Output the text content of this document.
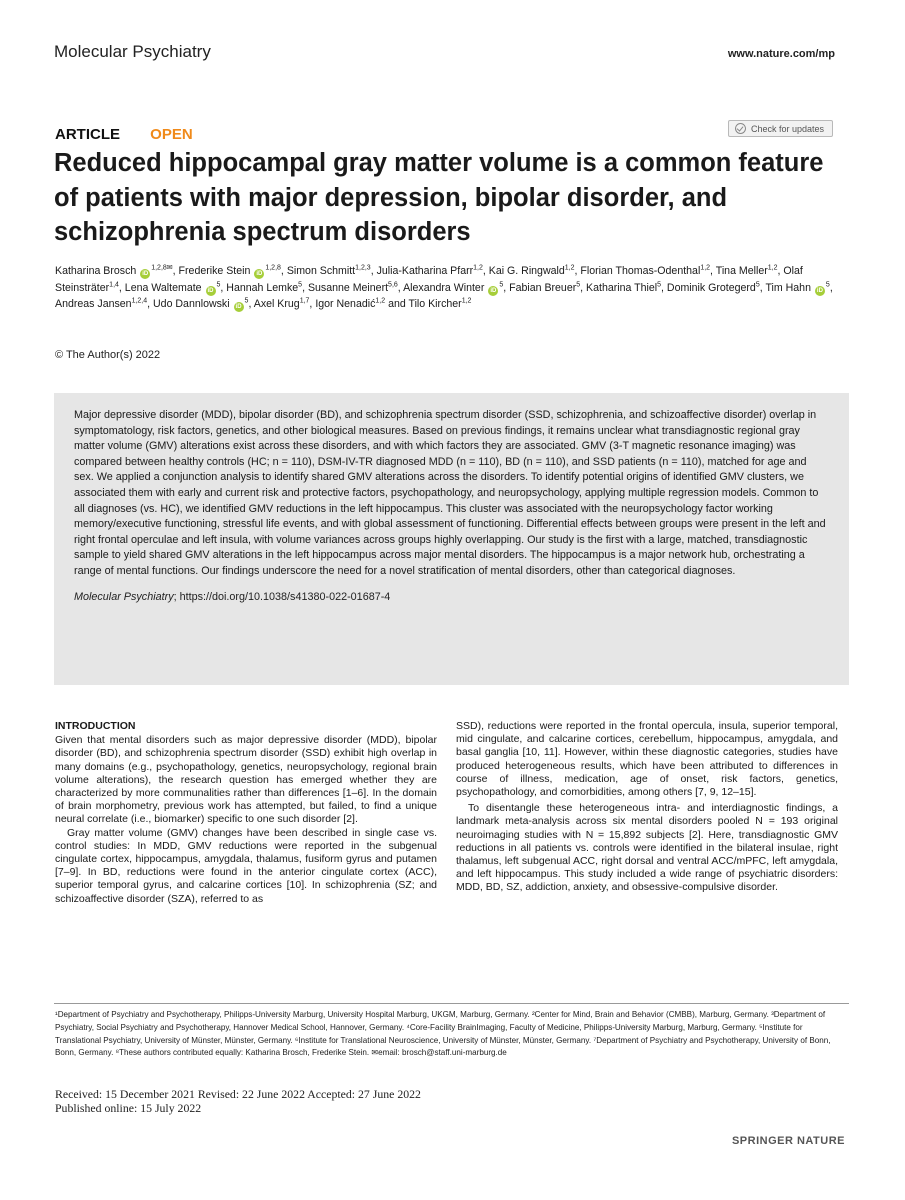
Molecular Psychiatry	www.nature.com/mp
ARTICLE OPEN	Check for updates
Reduced hippocampal gray matter volume is a common feature of patients with major depression, bipolar disorder, and schizophrenia spectrum disorders
Katharina Brosch $iD^{1,2,8✉}$, Frederike Stein iD$^{1,2,8}$, Simon Schmitt$^{1,2,3}$, Julia-Katharina Pfarr$^{1,2}$, Kai G. Ringwald$^{1,2}$, Florian Thomas-Odenthal$^{1,2}$, Tina Meller$^{1,2}$, Olaf Steinsträter$^{1,4}$, Lena Waltemate $iD^5$, Hannah Lemke$^5$, Susanne Meinert$^{5,6}$, Alexandra Winter $iD^5$, Fabian Breuer$^5$, Katharina Thiel$^5$, Dominik Grotegerd$^5$, Tim Hahn $iD^5$, Andreas Jansen$^{1,2,4}$, Udo Dannlowski $iD^5$, Axel Krug$^{1,7}$, Igor Nenadić$^{1,2}$ and Tilo Kircher$^{1,2}$
© The Author(s) 2022

Major depressive disorder (MDD), bipolar disorder (BD), and schizophrenia spectrum disorder (SSD, schizophrenia, and schizoaffective disorder) overlap in symptomatology, risk factors, genetics, and other biological measures. Based on previous findings, it remains unclear what transdiagnostic regional gray matter volume (GMV) alterations exist across these disorders, and with which factors they are associated. GMV (3-T magnetic resonance imaging) was compared between healthy controls (HC; n = 110), DSM-IV-TR diagnosed MDD (n = 110), BD (n = 110), and SSD patients (n = 110), matched for age and sex. We applied a conjunction analysis to identify shared GMV alterations across the disorders. To identify potential origins of identified GMV clusters, we associated them with early and current risk and protective factors, psychopathology, and neuropsychology, applying multiple regression models. Common to all diagnoses (vs. HC), we identified GMV reductions in the left hippocampus. This cluster was associated with the neuropsychology factor working memory/executive functioning, stressful life events, and with global assessment of functioning. Differential effects between groups were present in the left and right frontal operculae and left insula, with volume variances across groups highly overlapping. Our study is the first with a large, matched, transdiagnostic sample to yield shared GMV alterations in the left hippocampus across major mental disorders. The hippocampus is a major network hub, orchestrating a range of mental functions. Our findings underscore the need for a novel stratification of mental disorders, other than categorical diagnoses.

Molecular Psychiatry; https://doi.org/10.1038/s41380-022-01687-4

INTRODUCTION

Given that mental disorders such as major depressive disorder (MDD), bipolar disorder (BD), and schizophrenia spectrum disorder (SSD) exhibit high overlap in many domains (e.g., psychopathology, genetics, neuropsychology, regional brain volume alterations), the research question has emerged whether they are characterized by more communalities rather than differences [1–6]. In the domain of brain morphometry, previous work has attempted, but failed, to find a unique neural correlate (i.e., biomarker) specific to one such disorder [2].

Gray matter volume (GMV) changes have been described in single case vs. control studies: In MDD, GMV reductions were reported in the subgenual cingulate cortex, hippocampus, amygdala, thalamus, fusiform gyrus and putamen [7–9]. In BD, reductions were found in the anterior cingulate cortex (ACC), superior temporal gyrus, and calcarine cortices [10]. In schizophrenia (SZ; and schizoaffective disorder (SZA), referred to as

SSD), reductions were reported in the frontal opercula, insula, superior temporal, mid cingulate, and calcarine cortices, cerebellum, hippocampus, amygdala, and basal ganglia [10, 11]. However, within these diagnostic categories, studies have produced heterogeneous results, which have been attributed to differences in course of illness, medication, age of onset, risk factors, genetics, psychopathology, and comorbidities, among others [7, 9, 12–15].

To disentangle these heterogeneous intra- and interdiagnostic findings, a landmark meta-analysis across six mental disorders pooled N = 193 original neuroimaging studies with N = 15,892 subjects [2]. Here, transdiagnostic GMV reductions in all patients vs. controls were identified in the bilateral insulae, right thalamus, left subgenual ACC, right dorsal and ventral ACC/mPFC, left amygdala, and left hippocampus. This study included a wide range of psychiatric disorders: MDD, BD, SZ, addiction, anxiety, and obsessive-compulsive disorder.

¹Department of Psychiatry and Psychotherapy, Philipps-University Marburg, University Hospital Marburg, UKGM, Marburg, Germany. ²Center for Mind, Brain and Behavior (CMBB), Marburg, Germany. ³Department of Psychiatry, Social Psychiatry and Psychotherapy, Hannover Medical School, Hannover, Germany. ⁴Core-Facility BrainImaging, Faculty of Medicine, Philipps-University Marburg, Marburg, Germany. ⁵Institute for Translational Psychiatry, University of Münster, Münster, Germany. ⁶Institute for Translational Neuroscience, University of Münster, Münster, Germany. ⁷Department of Psychiatry and Psychotherapy, University of Bonn, Bonn, Germany. ⁸These authors contributed equally: Katharina Brosch, Frederike Stein. ✉email: brosch@staff.uni-marburg.de
Received: 15 December 2021 Revised: 22 June 2022 Accepted: 27 June 2022
Published online: 15 July 2022
SPRINGER NATURE
